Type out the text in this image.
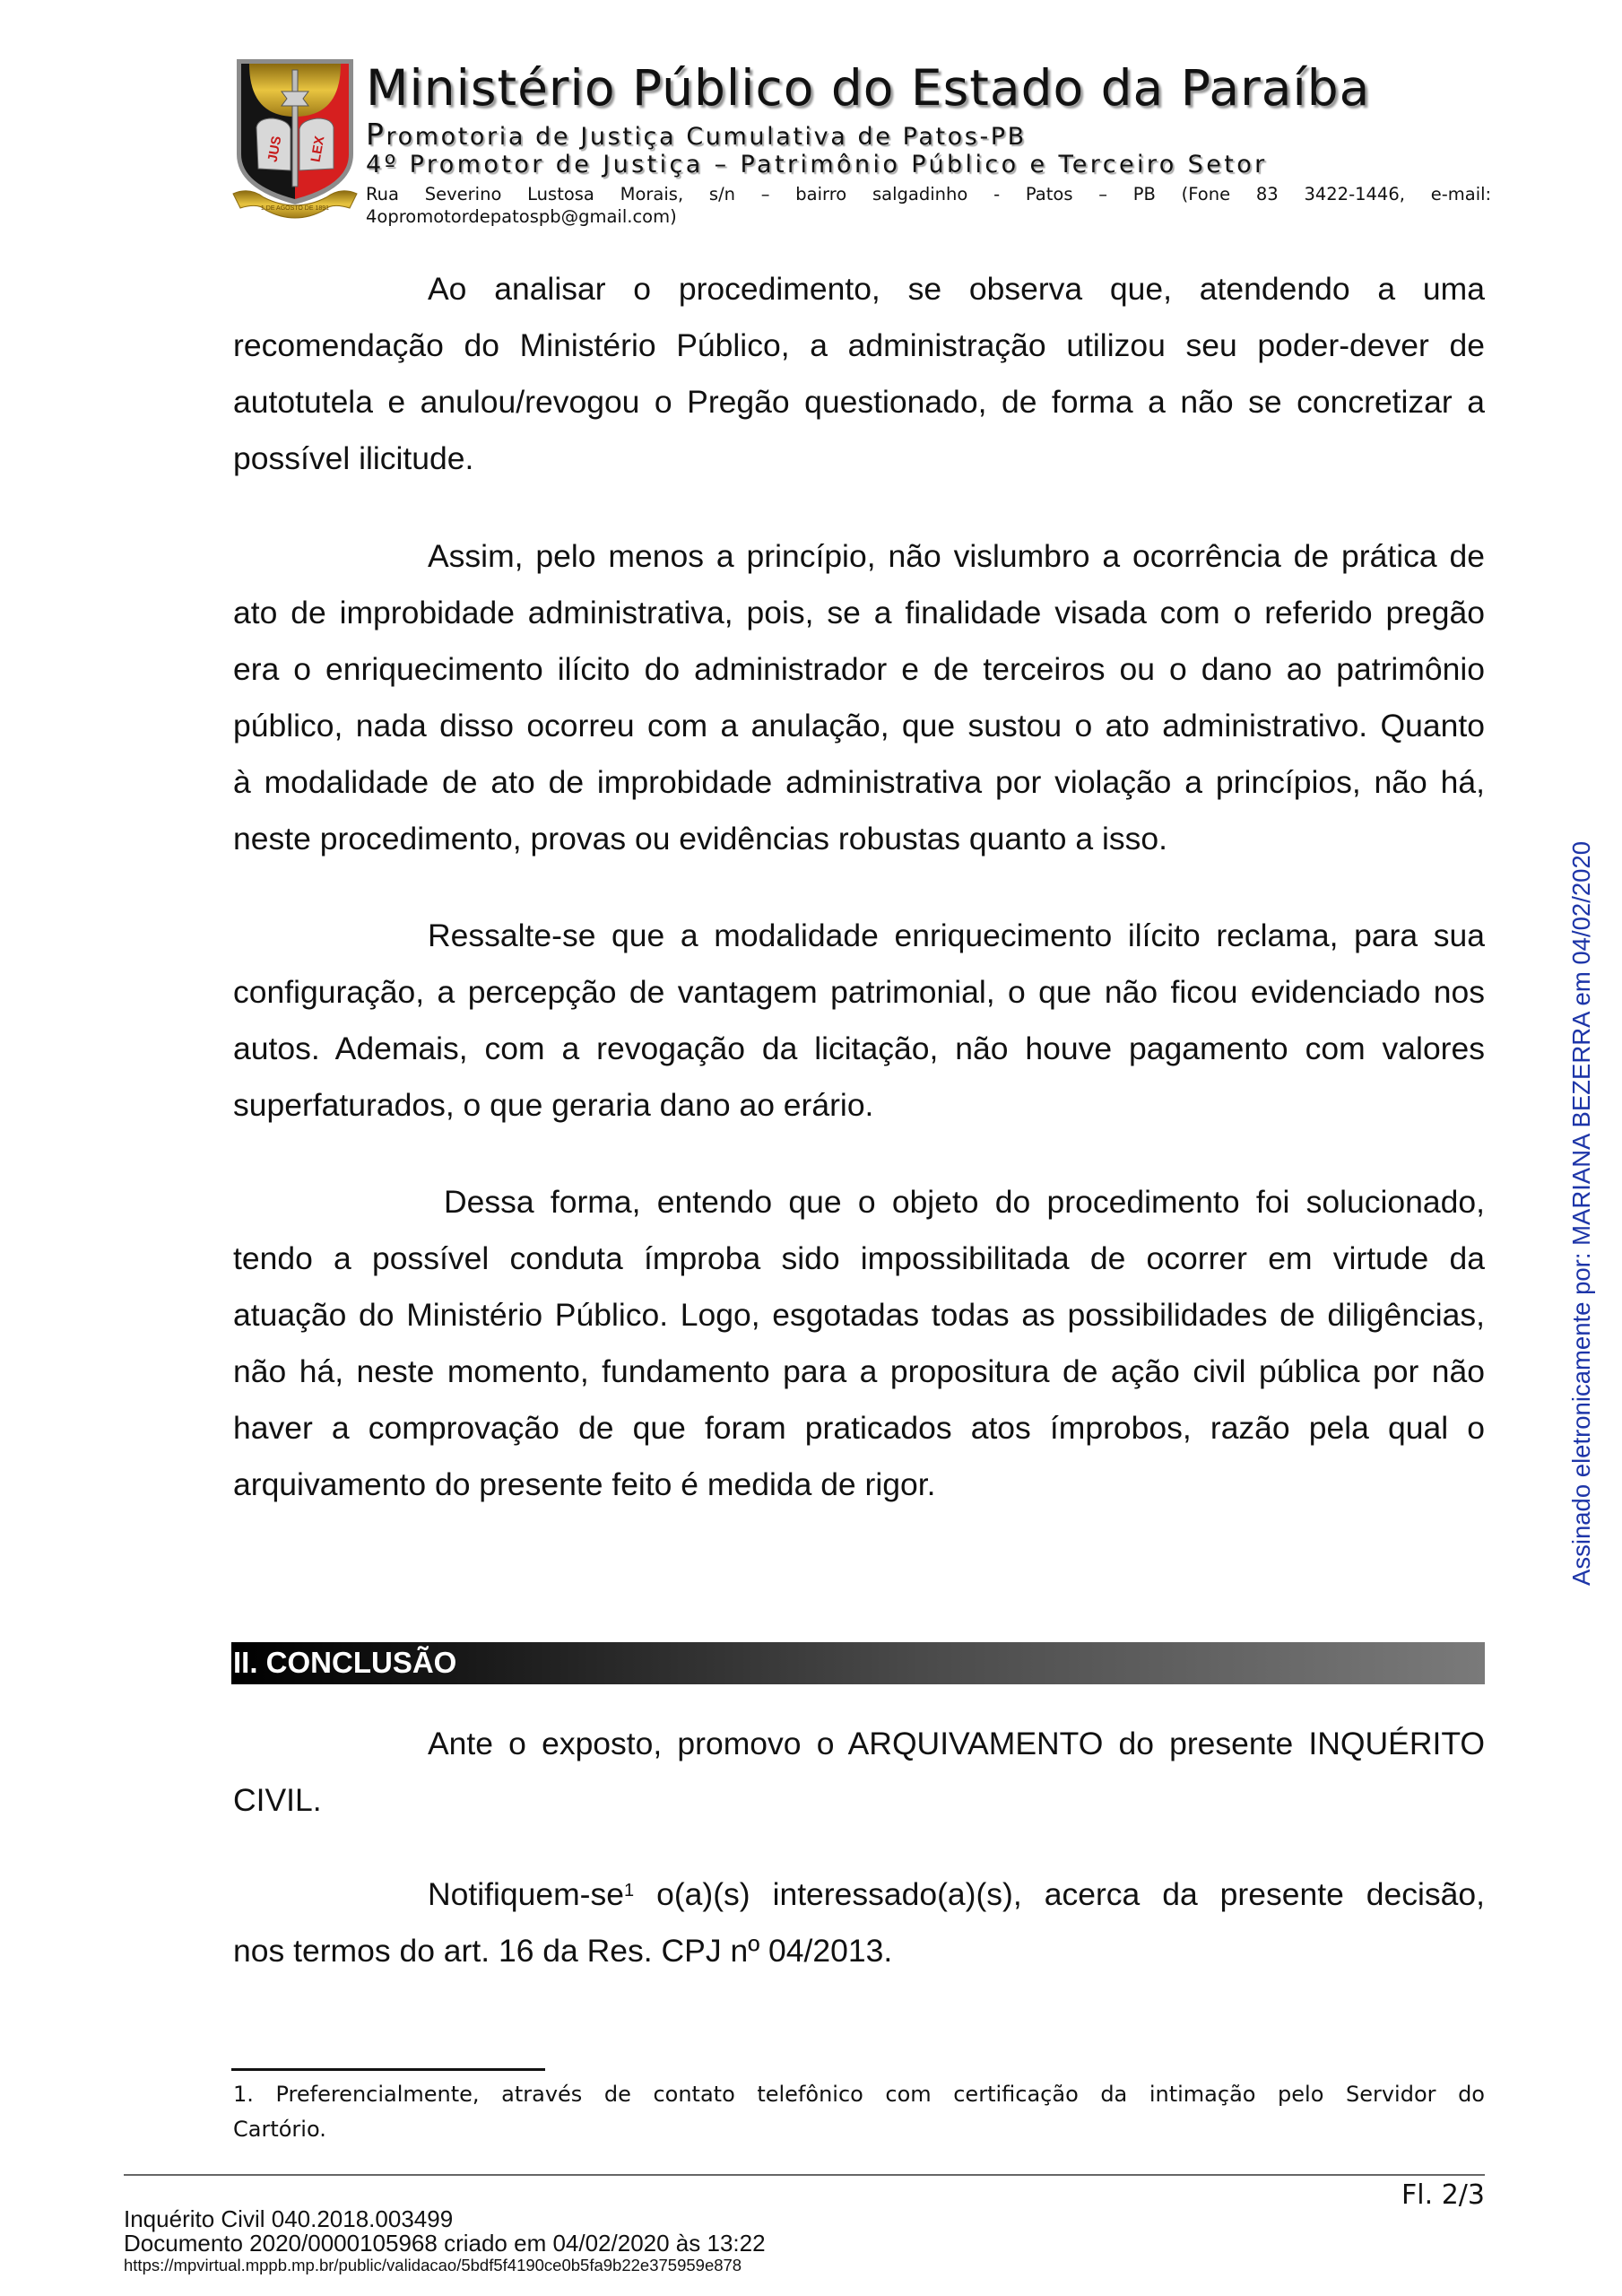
JUS LEX
1 DE AGOSTO DE 1891
Ministério Público do Estado da Paraíba
Promotoria de Justiça Cumulativa de Patos-PB
4º Promotor de Justiça – Patrimônio Público e Terceiro Setor
Rua Severino Lustosa Morais, s/n – bairro salgadinho - Patos – PB (Fone 83 3422-1446, e-mail:
4opromotordepatospb@gmail.com)
Ao analisar o procedimento, se observa que, atendendo a uma
recomendação do Ministério Público, a administração utilizou seu poder-dever de
autotutela e anulou/revogou o Pregão questionado, de forma a não se concretizar a
possível ilicitude.
Assim, pelo menos a princípio, não vislumbro a ocorrência de prática de
ato de improbidade administrativa, pois, se a finalidade visada com o referido pregão
era o enriquecimento ilícito do administrador e de terceiros ou o dano ao patrimônio
público, nada disso ocorreu com a anulação, que sustou o ato administrativo. Quanto
à modalidade de ato de improbidade administrativa por violação a princípios, não há,
neste procedimento, provas ou evidências robustas quanto a isso.
Ressalte-se que a modalidade enriquecimento ilícito reclama, para sua
configuração, a percepção de vantagem patrimonial, o que não ficou evidenciado nos
autos. Ademais, com a revogação da licitação, não houve pagamento com valores
superfaturados, o que geraria dano ao erário.
Dessa forma, entendo que o objeto do procedimento foi solucionado,
tendo a possível conduta ímproba sido impossibilitada de ocorrer em virtude da
atuação do Ministério Público. Logo, esgotadas todas as possibilidades de diligências,
não há, neste momento, fundamento para a propositura de ação civil pública por não
haver a comprovação de que foram praticados atos ímprobos, razão pela qual o
arquivamento do presente feito é medida de rigor.
II. CONCLUSÃO
Ante o exposto, promovo o ARQUIVAMENTO do presente INQUÉRITO
CIVIL.
Notifiquem-se$^1$ o(a)(s) interessado(a)(s), acerca da presente decisão,
nos termos do art. 16 da Res. CPJ nº 04/2013.
1. Preferencialmente, através de contato telefônico com certificação da intimação pelo Servidor do
Cartório.
Fl. 2/3
Inquérito Civil 040.2018.003499
Documento 2020/0000105968 criado em 04/02/2020 às 13:22
https://mpvirtual.mppb.mp.br/public/validacao/5bdf5f4190ce0b5fa9b22e375959e878
Assinado eletronicamente por: MARIANA BEZERRA em 04/02/2020
